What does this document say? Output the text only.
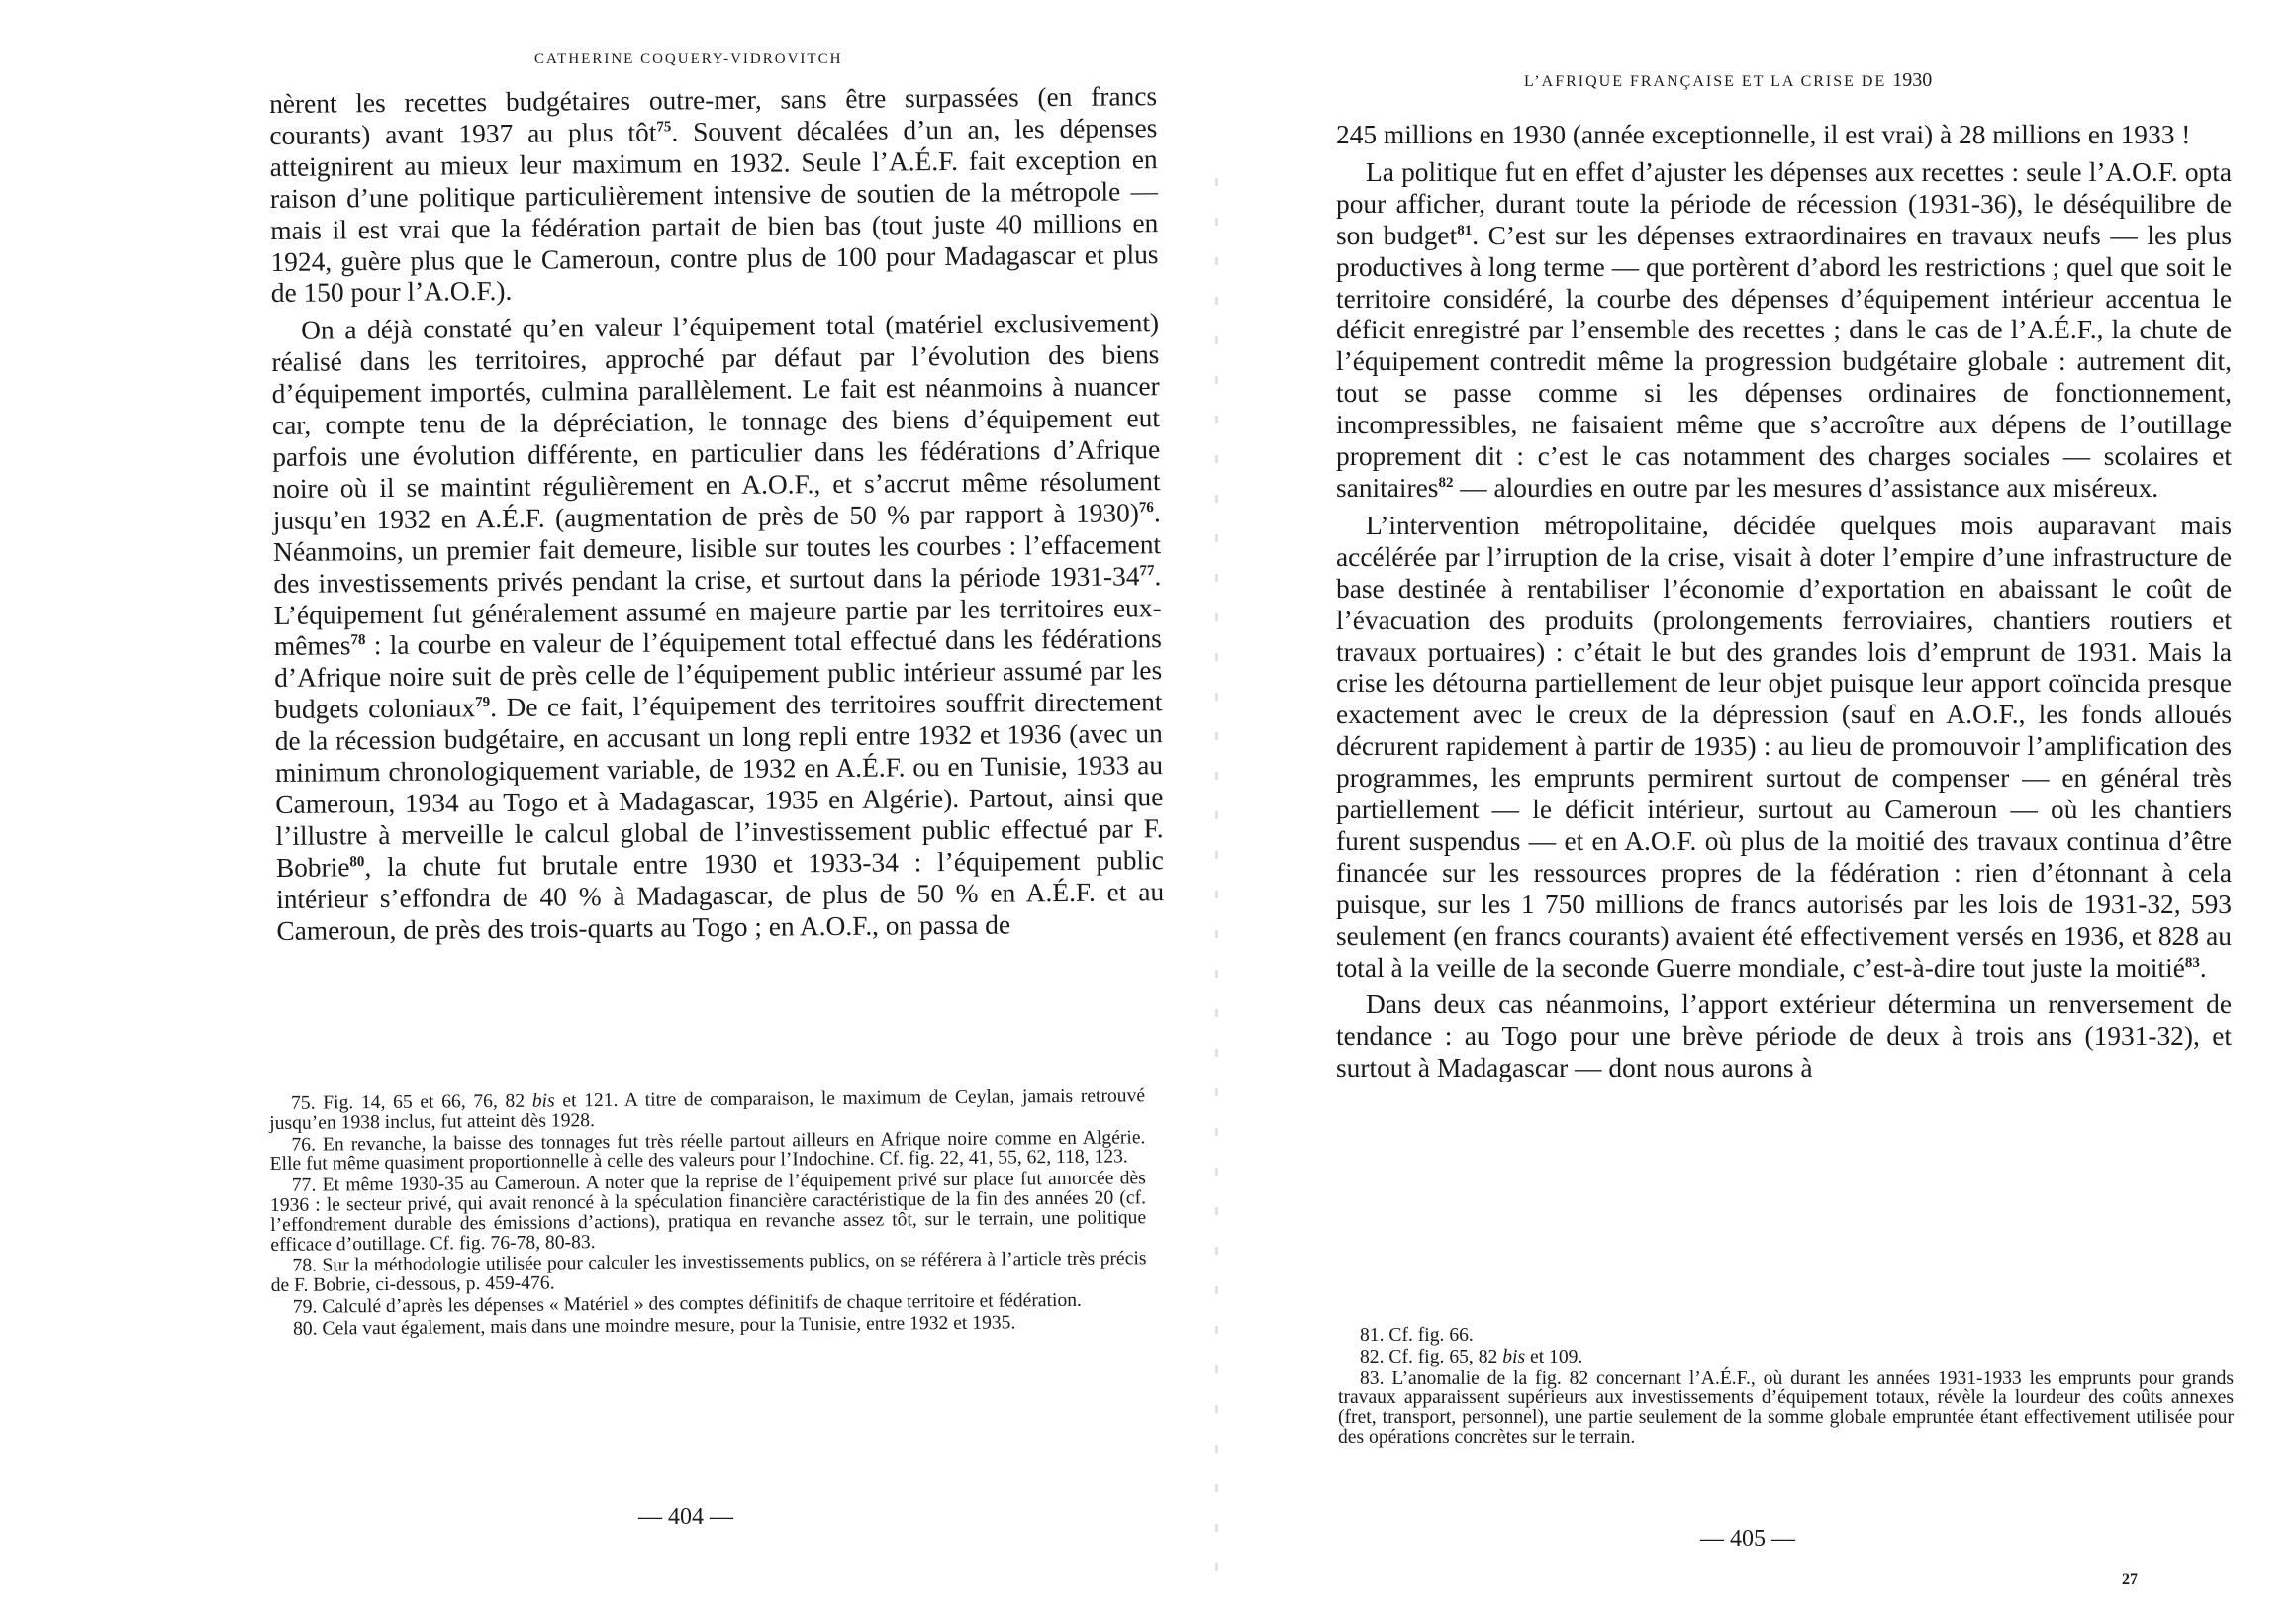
CATHERINE COQUERY-VIDROVITCH

nèrent les recettes budgétaires outre-mer, sans être surpassées (en francs courants) avant 1937 au plus tôt$^{75}$. Souvent décalées d’un an, les dépenses atteignirent au mieux leur maximum en 1932. Seule l’A.É.F. fait exception en raison d’une politique particulièrement intensive de soutien de la métropole — mais il est vrai que la fédération partait de bien bas (tout juste 40 millions en 1924, guère plus que le Cameroun, contre plus de 100 pour Madagascar et plus de 150 pour l’A.O.F.).

On a déjà constaté qu’en valeur l’équipement total (matériel exclusivement) réalisé dans les territoires, approché par défaut par l’évolution des biens d’équipement importés, culmina parallèlement. Le fait est néanmoins à nuancer car, compte tenu de la dépréciation, le tonnage des biens d’équipement eut parfois une évolution différente, en particulier dans les fédérations d’Afrique noire où il se maintint régulièrement en A.O.F., et s’accrut même résolument jusqu’en 1932 en A.É.F. (augmentation de près de 50 % par rapport à 1930)$^{76}$. Néanmoins, un premier fait demeure, lisible sur toutes les courbes : l’effacement des investissements privés pendant la crise, et surtout dans la période 1931-34$^{77}$. L’équipement fut généralement assumé en majeure partie par les territoires eux-mêmes$^{78}$ : la courbe en valeur de l’équipement total effectué dans les fédérations d’Afrique noire suit de près celle de l’équipement public intérieur assumé par les budgets coloniaux$^{79}$. De ce fait, l’équipement des territoires souffrit directement de la récession budgétaire, en accusant un long repli entre 1932 et 1936 (avec un minimum chronologiquement variable, de 1932 en A.É.F. ou en Tunisie, 1933 au Cameroun, 1934 au Togo et à Madagascar, 1935 en Algérie). Partout, ainsi que l’illustre à merveille le calcul global de l’investissement public effectué par F. Bobrie$^{80}$, la chute fut brutale entre 1930 et 1933-34 : l’équipement public intérieur s’effondra de 40 % à Madagascar, de plus de 50 % en A.É.F. et au Cameroun, de près des trois-quarts au Togo ; en A.O.F., on passa de

75. Fig. 14, 65 et 66, 76, 82 bis et 121. A titre de comparaison, le maximum de Ceylan, jamais retrouvé jusqu’en 1938 inclus, fut atteint dès 1928.

76. En revanche, la baisse des tonnages fut très réelle partout ailleurs en Afrique noire comme en Algérie. Elle fut même quasiment proportionnelle à celle des valeurs pour l’Indochine. Cf. fig. 22, 41, 55, 62, 118, 123.

77. Et même 1930-35 au Cameroun. A noter que la reprise de l’équipement privé sur place fut amorcée dès 1936 : le secteur privé, qui avait renoncé à la spéculation financière caractéristique de la fin des années 20 (cf. l’effondrement durable des émissions d’actions), pratiqua en revanche assez tôt, sur le terrain, une politique efficace d’outillage. Cf. fig. 76-78, 80-83.

78. Sur la méthodologie utilisée pour calculer les investissements publics, on se référera à l’article très précis de F. Bobrie, ci-dessous, p. 459-476.

79. Calculé d’après les dépenses « Matériel » des comptes définitifs de chaque territoire et fédération.

80. Cela vaut également, mais dans une moindre mesure, pour la Tunisie, entre 1932 et 1935.

— 404 —
L’AFRIQUE FRANÇAISE ET LA CRISE DE 1930

245 millions en 1930 (année exceptionnelle, il est vrai) à 28 millions en 1933 !

La politique fut en effet d’ajuster les dépenses aux recettes : seule l’A.O.F. opta pour afficher, durant toute la période de récession (1931-36), le déséquilibre de son budget$^{81}$. C’est sur les dépenses extraordinaires en travaux neufs — les plus productives à long terme — que portèrent d’abord les restrictions ; quel que soit le territoire considéré, la courbe des dépenses d’équipement intérieur accentua le déficit enregistré par l’ensemble des recettes ; dans le cas de l’A.É.F., la chute de l’équipement contredit même la progression budgétaire globale : autrement dit, tout se passe comme si les dépenses ordinaires de fonctionnement, incompressibles, ne faisaient même que s’accroître aux dépens de l’outillage proprement dit : c’est le cas notamment des charges sociales — scolaires et sanitaires$^{82}$ — alourdies en outre par les mesures d’assistance aux miséreux.

L’intervention métropolitaine, décidée quelques mois auparavant mais accélérée par l’irruption de la crise, visait à doter l’empire d’une infrastructure de base destinée à rentabiliser l’économie d’exportation en abaissant le coût de l’évacuation des produits (prolongements ferroviaires, chantiers routiers et travaux portuaires) : c’était le but des grandes lois d’emprunt de 1931. Mais la crise les détourna partiellement de leur objet puisque leur apport coïncida presque exactement avec le creux de la dépression (sauf en A.O.F., les fonds alloués décrurent rapidement à partir de 1935) : au lieu de promouvoir l’amplification des programmes, les emprunts permirent surtout de compenser — en général très partiellement — le déficit intérieur, surtout au Cameroun — où les chantiers furent suspendus — et en A.O.F. où plus de la moitié des travaux continua d’être financée sur les ressources propres de la fédération : rien d’étonnant à cela puisque, sur les 1 750 millions de francs autorisés par les lois de 1931-32, 593 seulement (en francs courants) avaient été effectivement versés en 1936, et 828 au total à la veille de la seconde Guerre mondiale, c’est-à-dire tout juste la moitié$^{83}$.

Dans deux cas néanmoins, l’apport extérieur détermina un renversement de tendance : au Togo pour une brève période de deux à trois ans (1931-32), et surtout à Madagascar — dont nous aurons à

81. Cf. fig. 66.

82. Cf. fig. 65, 82 bis et 109.

83. L’anomalie de la fig. 82 concernant l’A.É.F., où durant les années 1931-1933 les emprunts pour grands travaux apparaissent supérieurs aux investissements d’équipement totaux, révèle la lourdeur des coûts annexes (fret, transport, personnel), une partie seulement de la somme globale empruntée étant effectivement utilisée pour des opérations concrètes sur le terrain.

— 405 —
27
